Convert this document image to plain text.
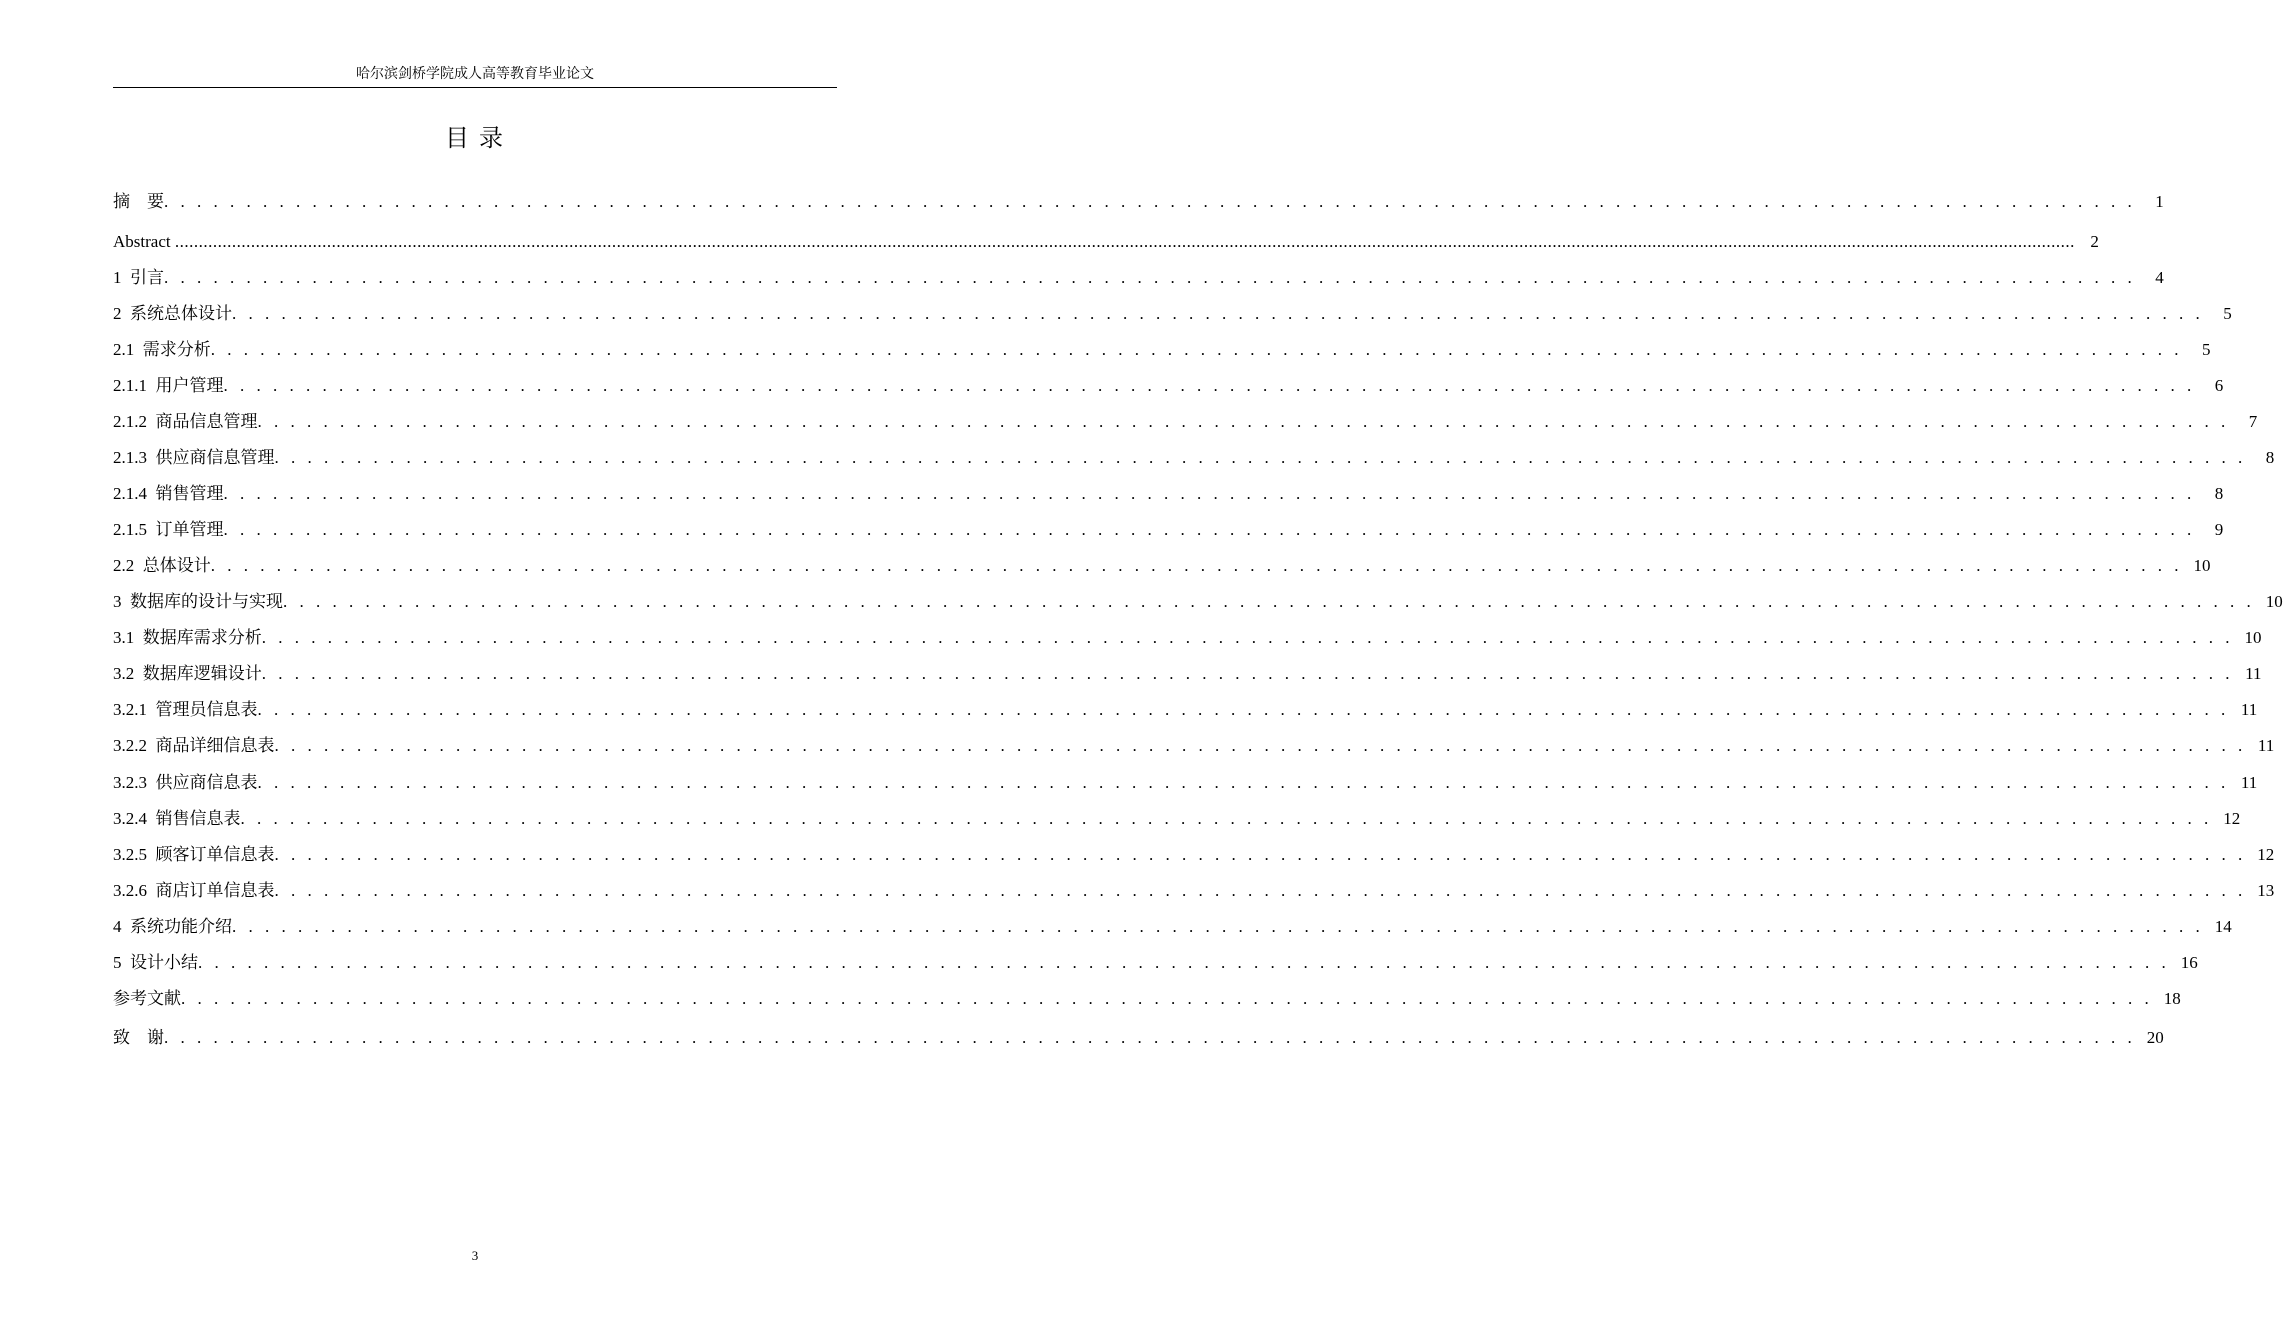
哈尔滨剑桥学院成人高等教育毕业论文
目 录
摘    要 . . . . . . . . . . . . . . . . . . . . . . . . . . . . . . . . . . . . . . . . . . . . . . . . . . . . . . . . . . . . . . . . . . . . . . . . . . . . . . . . . . . . . . . . . . . . . . . . . . . . . . . . . . . . . . . . . . . . . . . .	1
Abstract ................................................................................................................................................................................................................................................................................................................................................................................................................ 2
1  引言 . . . . . . . . . . . . . . . . . . . . . . . . . . . . . . . . . . . . . . . . . . . . . . . . . . . . . . . . . . . . . . . . . . . . . . . . . . . . . . . . . . . . . . . . . . . . . . . . . . . . . . . . . . . . . . . . . . . . . . . .	4
2  系统总体设计 . . . . . . . . . . . . . . . . . . . . . . . . . . . . . . . . . . . . . . . . . . . . . . . . . . . . . . . . . . . . . . . . . . . . . . . . . . . . . . . . . . . . . . . . . . . . . . . . . . . . . . . . . . . . . . . . . . . . . . . .	5
2.1  需求分析 . . . . . . . . . . . . . . . . . . . . . . . . . . . . . . . . . . . . . . . . . . . . . . . . . . . . . . . . . . . . . . . . . . . . . . . . . . . . . . . . . . . . . . . . . . . . . . . . . . . . . . . . . . . . . . . . . . . . . . . .	5
2.1.1  用户管理 . . . . . . . . . . . . . . . . . . . . . . . . . . . . . . . . . . . . . . . . . . . . . . . . . . . . . . . . . . . . . . . . . . . . . . . . . . . . . . . . . . . . . . . . . . . . . . . . . . . . . . . . . . . . . . . . . . . . . . . .	6
2.1.2  商品信息管理 . . . . . . . . . . . . . . . . . . . . . . . . . . . . . . . . . . . . . . . . . . . . . . . . . . . . . . . . . . . . . . . . . . . . . . . . . . . . . . . . . . . . . . . . . . . . . . . . . . . . . . . . . . . . . . . . . . . . . . . .	7
2.1.3  供应商信息管理 . . . . . . . . . . . . . . . . . . . . . . . . . . . . . . . . . . . . . . . . . . . . . . . . . . . . . . . . . . . . . . . . . . . . . . . . . . . . . . . . . . . . . . . . . . . . . . . . . . . . . . . . . . . . . . . . . . . . . . . .	8
2.1.4  销售管理 . . . . . . . . . . . . . . . . . . . . . . . . . . . . . . . . . . . . . . . . . . . . . . . . . . . . . . . . . . . . . . . . . . . . . . . . . . . . . . . . . . . . . . . . . . . . . . . . . . . . . . . . . . . . . . . . . . . . . . . .	8
2.1.5  订单管理 . . . . . . . . . . . . . . . . . . . . . . . . . . . . . . . . . . . . . . . . . . . . . . . . . . . . . . . . . . . . . . . . . . . . . . . . . . . . . . . . . . . . . . . . . . . . . . . . . . . . . . . . . . . . . . . . . . . . . . . .	9
2.2  总体设计 . . . . . . . . . . . . . . . . . . . . . . . . . . . . . . . . . . . . . . . . . . . . . . . . . . . . . . . . . . . . . . . . . . . . . . . . . . . . . . . . . . . . . . . . . . . . . . . . . . . . . . . . . . . . . . . . . . . . . . . . 10
3  数据库的设计与实现 . . . . . . . . . . . . . . . . . . . . . . . . . . . . . . . . . . . . . . . . . . . . . . . . . . . . . . . . . . . . . . . . . . . . . . . . . . . . . . . . . . . . . . . . . . . . . . . . . . . . . . . . . . . . . . . . . . . . . . . . 10
3.1  数据库需求分析 . . . . . . . . . . . . . . . . . . . . . . . . . . . . . . . . . . . . . . . . . . . . . . . . . . . . . . . . . . . . . . . . . . . . . . . . . . . . . . . . . . . . . . . . . . . . . . . . . . . . . . . . . . . . . . . . . . . . . . . . 10
3.2  数据库逻辑设计 . . . . . . . . . . . . . . . . . . . . . . . . . . . . . . . . . . . . . . . . . . . . . . . . . . . . . . . . . . . . . . . . . . . . . . . . . . . . . . . . . . . . . . . . . . . . . . . . . . . . . . . . . . . . . . . . . . . . . . . . 11
3.2.1  管理员信息表 . . . . . . . . . . . . . . . . . . . . . . . . . . . . . . . . . . . . . . . . . . . . . . . . . . . . . . . . . . . . . . . . . . . . . . . . . . . . . . . . . . . . . . . . . . . . . . . . . . . . . . . . . . . . . . . . . . . . . . . . 11
3.2.2  商品详细信息表 . . . . . . . . . . . . . . . . . . . . . . . . . . . . . . . . . . . . . . . . . . . . . . . . . . . . . . . . . . . . . . . . . . . . . . . . . . . . . . . . . . . . . . . . . . . . . . . . . . . . . . . . . . . . . . . . . . . . . . . . 11
3.2.3  供应商信息表 . . . . . . . . . . . . . . . . . . . . . . . . . . . . . . . . . . . . . . . . . . . . . . . . . . . . . . . . . . . . . . . . . . . . . . . . . . . . . . . . . . . . . . . . . . . . . . . . . . . . . . . . . . . . . . . . . . . . . . . . 11
3.2.4  销售信息表 . . . . . . . . . . . . . . . . . . . . . . . . . . . . . . . . . . . . . . . . . . . . . . . . . . . . . . . . . . . . . . . . . . . . . . . . . . . . . . . . . . . . . . . . . . . . . . . . . . . . . . . . . . . . . . . . . . . . . . . . 12
3.2.5  顾客订单信息表 . . . . . . . . . . . . . . . . . . . . . . . . . . . . . . . . . . . . . . . . . . . . . . . . . . . . . . . . . . . . . . . . . . . . . . . . . . . . . . . . . . . . . . . . . . . . . . . . . . . . . . . . . . . . . . . . . . . . . . . . 12
3.2.6  商店订单信息表 . . . . . . . . . . . . . . . . . . . . . . . . . . . . . . . . . . . . . . . . . . . . . . . . . . . . . . . . . . . . . . . . . . . . . . . . . . . . . . . . . . . . . . . . . . . . . . . . . . . . . . . . . . . . . . . . . . . . . . . . 13
4  系统功能介绍 . . . . . . . . . . . . . . . . . . . . . . . . . . . . . . . . . . . . . . . . . . . . . . . . . . . . . . . . . . . . . . . . . . . . . . . . . . . . . . . . . . . . . . . . . . . . . . . . . . . . . . . . . . . . . . . . . . . . . . . . 14
5  设计小结 . . . . . . . . . . . . . . . . . . . . . . . . . . . . . . . . . . . . . . . . . . . . . . . . . . . . . . . . . . . . . . . . . . . . . . . . . . . . . . . . . . . . . . . . . . . . . . . . . . . . . . . . . . . . . . . . . . . . . . . . 16
参考文献 . . . . . . . . . . . . . . . . . . . . . . . . . . . . . . . . . . . . . . . . . . . . . . . . . . . . . . . . . . . . . . . . . . . . . . . . . . . . . . . . . . . . . . . . . . . . . . . . . . . . . . . . . . . . . . . . . . . . . . . . 18
致    谢 . . . . . . . . . . . . . . . . . . . . . . . . . . . . . . . . . . . . . . . . . . . . . . . . . . . . . . . . . . . . . . . . . . . . . . . . . . . . . . . . . . . . . . . . . . . . . . . . . . . . . . . . . . . . . . . . . . . . . . . . 20
3
